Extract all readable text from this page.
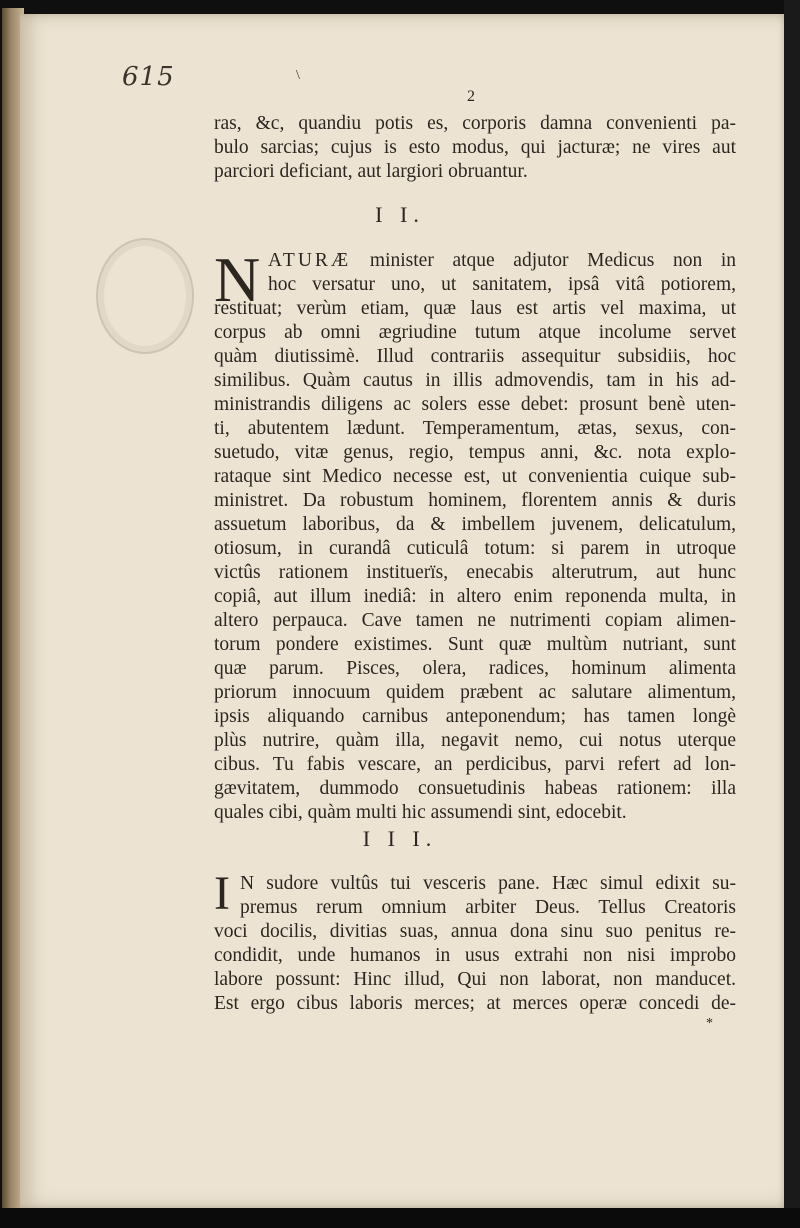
615	\
2
ras, &c, quandiu potis es, corporis damna convenienti pa-
bulo sarcias; cujus is esto modus, qui jacturæ; ne vires aut
parciori deficiant, aut largiori obruantur.
I I.
N ATURÆ minister atque adjutor Medicus non in
hoc versatur uno, ut sanitatem, ipsâ vitâ potiorem,
restituat; verùm etiam, quæ laus est artis vel maxima, ut
corpus ab omni ægriudine tutum atque incolume servet
quàm diutissimè. Illud contrariis assequitur subsidiis, hoc
similibus. Quàm cautus in illis admovendis, tam in his ad-
ministrandis diligens ac solers esse debet: prosunt benè uten-
ti, abutentem lædunt. Temperamentum, ætas, sexus, con-
suetudo, vitæ genus, regio, tempus anni, &c. nota explo-
rataque sint Medico necesse est, ut convenientia cuique sub-
ministret. Da robustum hominem, florentem annis & duris
assuetum laboribus, da & imbellem juvenem, delicatulum,
otiosum, in curandâ cuticulâ totum: si parem in utroque
victûs rationem instituerïs, enecabis alterutrum, aut hunc
copiâ, aut illum inediâ: in altero enim reponenda multa, in
altero perpauca. Cave tamen ne nutrimenti copiam alimen-
torum pondere existimes. Sunt quæ multùm nutriant, sunt
quæ parum. Pisces, olera, radices, hominum alimenta
priorum innocuum quidem præbent ac salutare alimentum,
ipsis aliquando carnibus anteponendum; has tamen longè
plùs nutrire, quàm illa, negavit nemo, cui notus uterque
cibus. Tu fabis vescare, an perdicibus, parvi refert ad lon-
gævitatem, dummodo consuetudinis habeas rationem: illa
quales cibi, quàm multi hic assumendi sint, edocebit.
I I I.
I N sudore vultûs tui vesceris pane. Hæc simul edixit su-
premus rerum omnium arbiter Deus. Tellus Creatoris
voci docilis, divitias suas, annua dona sinu suo penitus re-
condidit, unde humanos in usus extrahi non nisi improbo
labore possunt: Hinc illud, Qui non laborat, non manducet.
Est ergo cibus laboris merces; at merces operæ concedi de-
*
